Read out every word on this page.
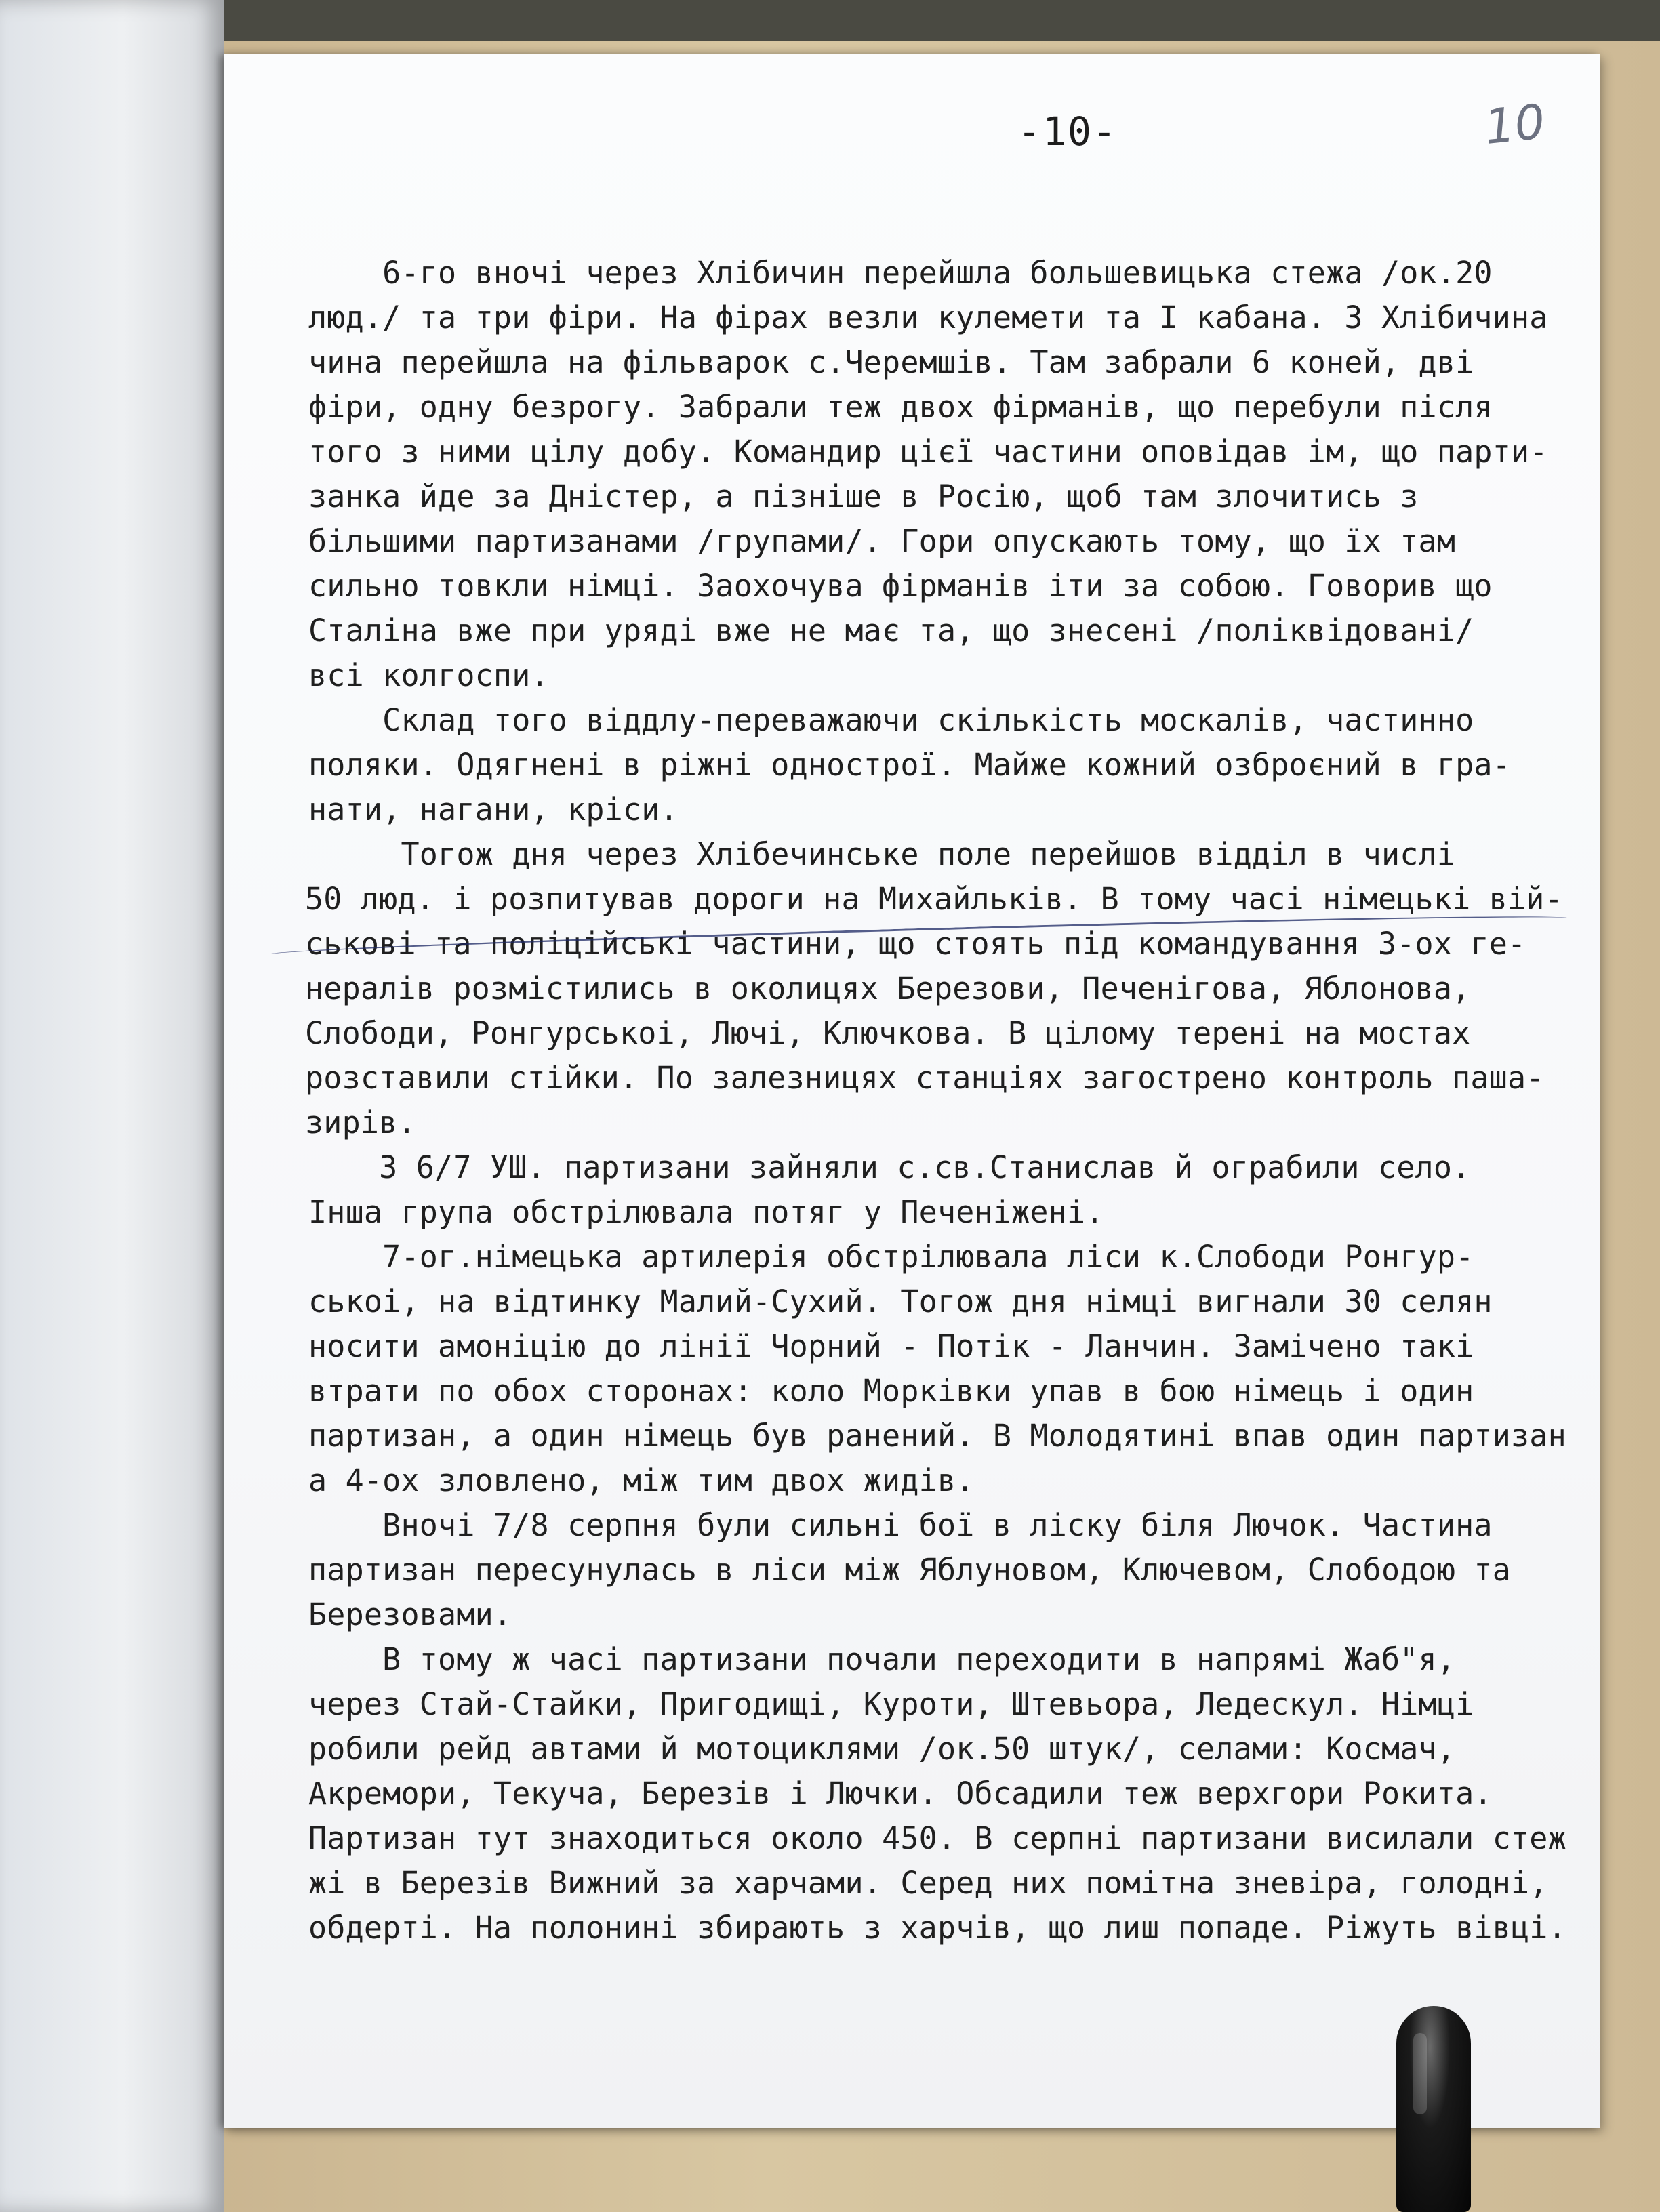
-10-	10
6-го вночі через Хлібичин перейшла большевицька стежа /ок.20
люд./ та три фіри. На фірах везли кулемети та І кабана. З Хлібичина
чина перейшла на фільварок с.Черемшів. Там забрали 6 коней, дві
фіри, одну безрогу. Забрали теж двох фірманів, що перебули після
того з ними цілу добу. Командир цієї частини оповідав ім, що парти-
занка йде за Дністер, а пізніше в Росію, щоб там злочитись з
більшими партизанами /групами/. Гори опускають тому, що їх там
сильно товкли німці. Заохочува фірманів іти за собою. Говорив що
Сталіна вже при уряді вже не має та, що знесені /поліквідовані/
всі колгоспи.
Склад того віддлу-переважаючи скількість москалів, частинно
поляки. Одягнені в ріжні однострої. Майже кожний озброєний в гра-
нати, нагани, кріси.
Тогож дня через Хлібечинське поле перейшов відділ в числі
50 люд. і розпитував дороги на Михайльків. В тому часі німецькі вій-
ськові та поліційські частини, що стоять під командування 3-ох ге-
нералів розмістились в околицях Березови, Печенігова, Яблонова,
Слободи, Ронгурськоі, Лючі, Ключкова. В цілому терені на мостах
розставили стійки. По залезницях станціях загострено контроль паша-
зирів.
З 6/7 УШ. партизани зайняли с.св.Станислав й ограбили село.
Інша група обстрілювала потяг у Печеніжені.
7-ог.німецька артилерія обстрілювала ліси к.Слободи Ронгур-
ськоі, на відтинку Малий-Сухий. Тогож дня німці вигнали 30 селян
носити амоніцію до лінії Чорний - Потік - Ланчин. Замічено такі
втрати по обох сторонах: коло Морківки упав в бою німець і один
партизан, а один німець був ранений. В Молодятині впав один партизан
а 4-ох зловлено, між тим двох жидів.
Вночі 7/8 серпня були сильні бої в ліску біля Лючок. Частина
партизан пересунулась в ліси між Яблуновом, Ключевом, Слободою та
Березовами.
В тому ж часі партизани почали переходити в напрямі Жаб"я,
через Стай-Стайки, Пригодищі, Куроти, Штевьора, Ледескул. Німці
робили рейд автами й мотоциклями /ок.50 штук/, селами: Космач,
Акремори, Текуча, Березів і Лючки. Обсадили теж верхгори Рокита.
Партизан тут знаходиться около 450. В серпні партизани висилали стеж
жі в Березів Вижний за харчами. Серед них помітна зневіра, голодні,
обдерті. На полонині збирають з харчів, що лиш попаде. Ріжуть вівці.
